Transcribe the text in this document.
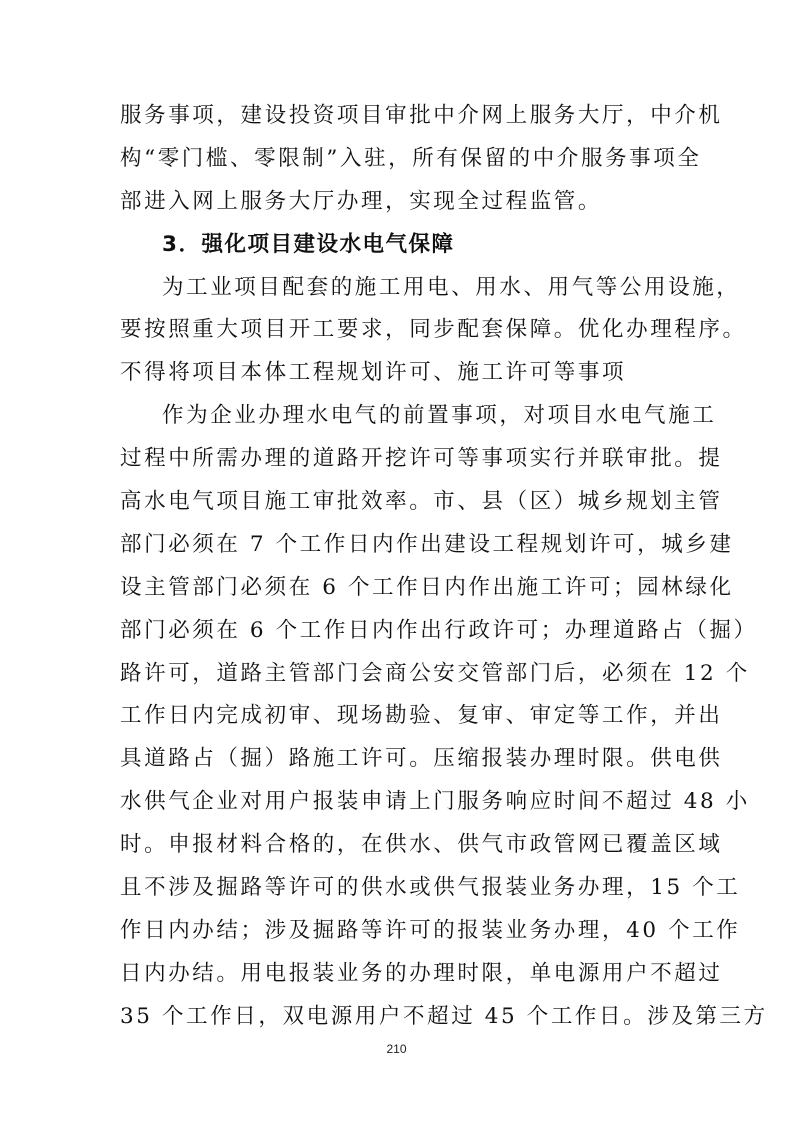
服务事项，建设投资项目审批中介网上服务大厅，中介机
构“零门槛、零限制”入驻，所有保留的中介服务事项全
部进入网上服务大厅办理，实现全过程监管。
3．强化项目建设水电气保障
为工业项目配套的施工用电、用水、用气等公用设施，
要按照重大项目开工要求，同步配套保障。优化办理程序。
不得将项目本体工程规划许可、施工许可等事项
作为企业办理水电气的前置事项，对项目水电气施工
过程中所需办理的道路开挖许可等事项实行并联审批。提
高水电气项目施工审批效率。市、县（区）城乡规划主管
部门必须在 7 个工作日内作出建设工程规划许可，城乡建
设主管部门必须在 6 个工作日内作出施工许可；园林绿化
部门必须在 6 个工作日内作出行政许可；办理道路占（掘）
路许可，道路主管部门会商公安交管部门后，必须在 12 个
工作日内完成初审、现场勘验、复审、审定等工作，并出
具道路占（掘）路施工许可。压缩报装办理时限。供电供
水供气企业对用户报装申请上门服务响应时间不超过 48 小
时。申报材料合格的，在供水、供气市政管网已覆盖区域
且不涉及掘路等许可的供水或供气报装业务办理，15 个工
作日内办结；涉及掘路等许可的报装业务办理，40 个工作
日内办结。用电报装业务的办理时限，单电源用户不超过
35 个工作日，双电源用户不超过 45 个工作日。涉及第三方
210
